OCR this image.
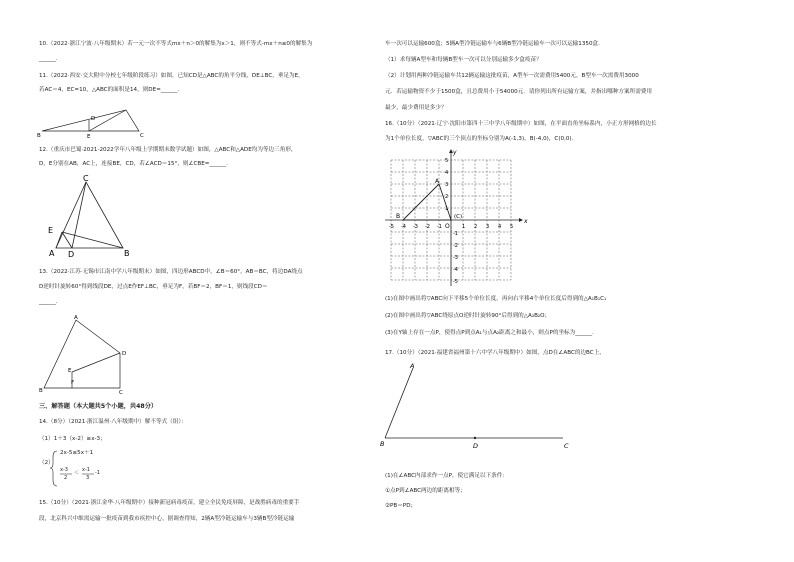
10.（2022·浙江宁波·八年级期末）若一元一次不等式mx＋n＞0的解集为x＞1，则不等式-mx＋n≤0的解集为
______.
11.（2022·西安·交大附中分校七年级阶段练习）如图，已知CD是△ABC的角平分线，DE⊥BC，垂足为E，
若AC＝4，EC=10，△ABC的面积是14，则DE=______.
B	E	C
D
12.（重庆市巴蜀·2021-2022学年八年级上学期期末数学试题）如图，△ABC和△ADE均为等边三角形，
D，E分别在AB，AC上，连接BE，CD，若∠ACD＝15°，则∠CBE=______.
C
E
A D	B
13.（2022·江苏·无锡市江南中学八年级期末）如图，四边形ABCD中，∠B＝60°，AB＝BC，将边DA绕点
D逆时针旋转60°得到线段DE，过点E作EF⊥BC，垂足为F，若BF＝2，BF＝1，则线段CD＝
______.
A
D
E
F
B	C
三、解答题（本大题共5个小题，共48分）
14.（8分）（2021·浙江温州·八年级期中）解不等式（组）：
（1）1＋3（x-2）≥x-3；
（2）
2x-5≤5x＋1
x-3 ＜ x-1
2	3
-1
15.（10分）（2021·浙江金华·八年级期中）接种新冠病毒疫苗，建立全民免疫屏障，是战胜病毒的重要手
段，北京科兴中维需运输一批疫苗到我市疾控中心，据调查得知，2辆A型冷链运输车与3辆B型冷链运输
车一次可以运输600盒；5辆A型冷链运输车与6辆B型冷链运输车一次可以运输1350盒.
（1）求每辆A型车和每辆B型车一次可以分别运输多少盒疫苗？
（2）计划用两种冷链运输车共12辆运输这批疫苗，A型车一次需费用5400元，B型车一次需费用3000
元．若运输物资不少于1500盒，且总费用小于54000元．请你列出所有运输方案，并指出哪种方案所需费用
最少，最少费用是多少？
16.（10分）（2021·辽宁·沈阳市第四十三中学八年级期中）如图，在平面直角坐标系内，小正方形网格的边长
为1个单位长度，▽ABC的三个顶点的坐标分别为A(-1,3)，B(-4,0)，C(0,0).
x
y
A
B	(C)
O
-5 -4 -3 -2 -1	1 2 3 4 5
5
4
3
2
1
-1
-2
-3
-4
-5
(1)在图中画出将▽ABC向下平移5个单位长度，再向右平移4个单位长度后得到的△A₁B₁C₁
(2)在图中画出将▽ABC绕原点O逆时针旋转90°后得到的△A₂B₂O；
(3)在Y轴上存在一点P，使得点P到点A₁与点A₂距离之和最小，则点P的坐标为______.
17.（10分）（2021·福建省福州第十六中学八年级期中）如图，点D在∠ABC的边BC上，
A
B	D	C
(1)在∠ABC内部求作一点P，使它满足以下条件：
①点P到∠ABC两边的距离相等；
②PB＝PD；
